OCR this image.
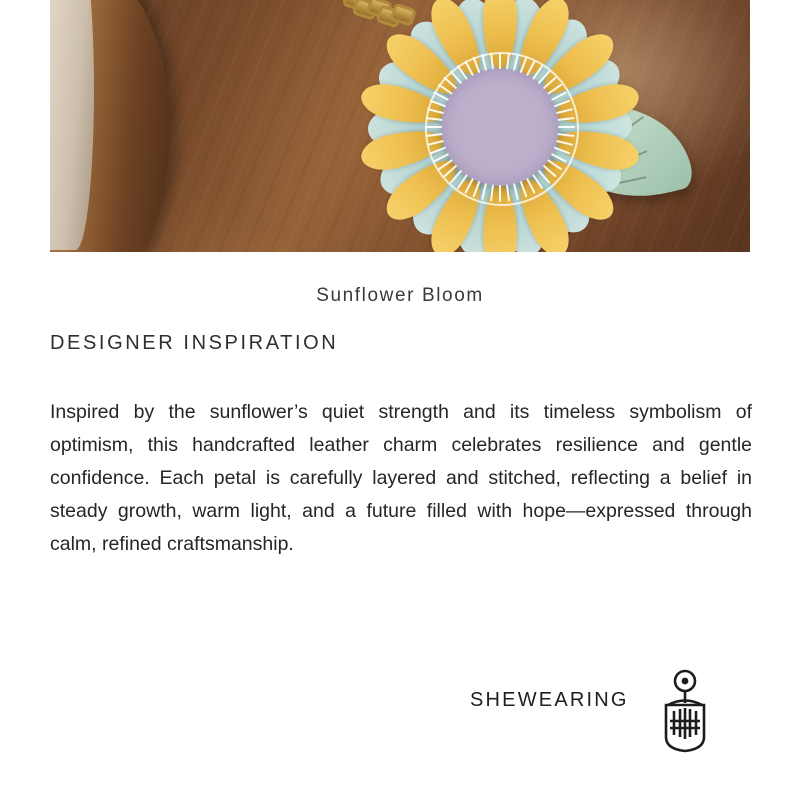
Sunflower Bloom
DESIGNER INSPIRATION
Inspired by the sunflower’s quiet strength and its timeless symbolism of optimism, this handcrafted leather charm celebrates resilience and gentle confidence. Each petal is carefully layered and stitched, reflecting a belief in steady growth, warm light, and a future filled with hope—expressed through calm, refined craftsmanship.
SHEWEARING
